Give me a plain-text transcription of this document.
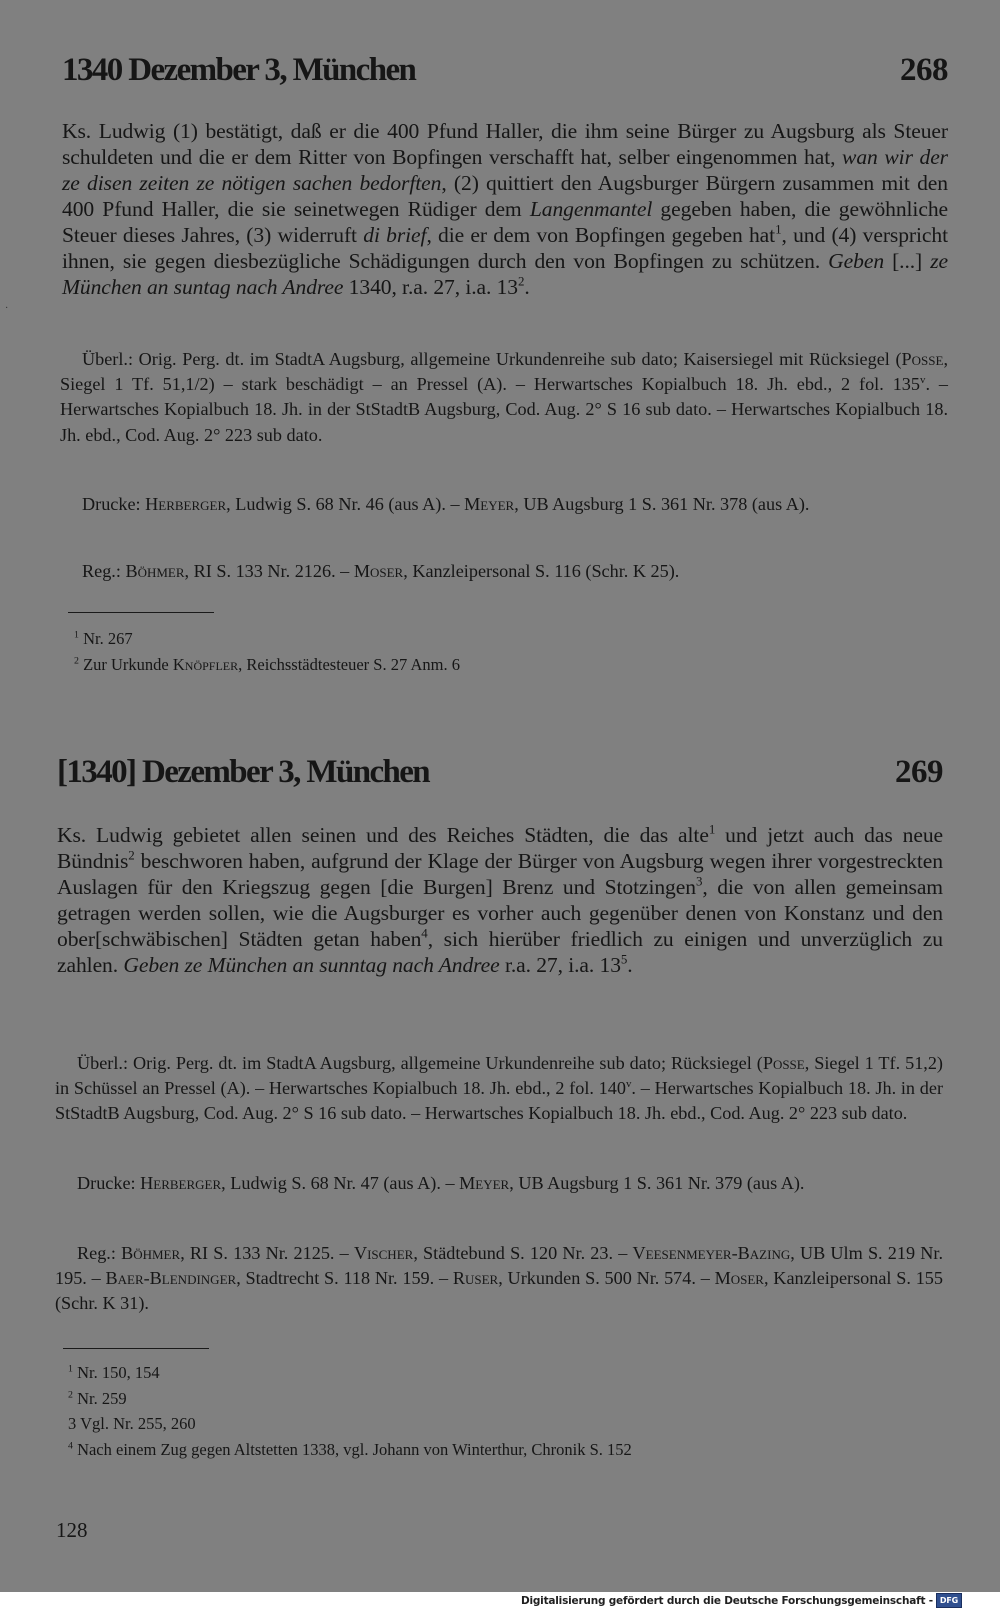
1340 Dezember 3, München	268
Ks. Ludwig (1) bestätigt, daß er die 400 Pfund Haller, die ihm seine Bürger zu Augsburg als Steuer schuldeten und die er dem Ritter von Bopfingen verschafft hat, selber eingenommen hat, wan wir der ze disen zeiten ze nötigen sachen bedorften, (2) quittiert den Augsburger Bürgern zusammen mit den 400 Pfund Haller, die sie seinetwegen Rüdiger dem Langenmantel gegeben haben, die gewöhnliche Steuer dieses Jahres, (3) widerruft di brief, die er dem von Bopfingen gegeben hat$^1$, und (4) verspricht ihnen, sie gegen diesbezügliche Schädigungen durch den von Bopfingen zu schützen. Geben [...] ze München an suntag nach Andree 1340, r.a. 27, i.a. $13^2$.
Überl.: Orig. Perg. dt. im StadtA Augsburg, allgemeine Urkundenreihe sub dato; Kaisersiegel mit Rücksiegel (Posse, Siegel 1 Tf. 51,1/2) – stark beschädigt – an Pressel (A). – Herwartsches Kopialbuch 18. Jh. ebd., 2 fol. 135$^v$. – Herwartsches Kopialbuch 18. Jh. in der StStadtB Augsburg, Cod. Aug. 2° S 16 sub dato. – Herwartsches Kopialbuch 18. Jh. ebd., Cod. Aug. 2° 223 sub dato.
Drucke: Herberger, Ludwig S. 68 Nr. 46 (aus A). – Meyer, UB Augsburg 1 S. 361 Nr. 378 (aus A).
Reg.: Böhmer, RI S. 133 Nr. 2126. – Moser, Kanzleipersonal S. 116 (Schr. K 25).
$^1$ Nr. 267
$^2$ Zur Urkunde Knöpfler, Reichsstädtesteuer S. 27 Anm. 6
[1340] Dezember 3, München	269
Ks. Ludwig gebietet allen seinen und des Reiches Städten, die das alte$^1$ und jetzt auch das neue Bündnis$^2$ beschworen haben, aufgrund der Klage der Bürger von Augsburg wegen ihrer vorgestreckten Auslagen für den Kriegszug gegen [die Burgen] Brenz und Stotzingen$^3$, die von allen gemeinsam getragen werden sollen, wie die Augsburger es vorher auch gegenüber denen von Konstanz und den ober[schwäbischen] Städten getan haben$^4$, sich hierüber friedlich zu einigen und unverzüglich zu zahlen. Geben ze München an sunntag nach Andree r.a. 27, i.a. $13^5$.
Überl.: Orig. Perg. dt. im StadtA Augsburg, allgemeine Urkundenreihe sub dato; Rücksiegel (Posse, Siegel 1 Tf. 51,2) in Schüssel an Pressel (A). – Herwartsches Kopialbuch 18. Jh. ebd., 2 fol. 140$^v$. – Herwartsches Kopialbuch 18. Jh. in der StStadtB Augsburg, Cod. Aug. 2° S 16 sub dato. – Herwartsches Kopialbuch 18. Jh. ebd., Cod. Aug. 2° 223 sub dato.
Drucke: Herberger, Ludwig S. 68 Nr. 47 (aus A). – Meyer, UB Augsburg 1 S. 361 Nr. 379 (aus A).
Reg.: Böhmer, RI S. 133 Nr. 2125. – Vischer, Städtebund S. 120 Nr. 23. – Veesenmeyer-Bazing, UB Ulm S. 219 Nr. 195. – Baer-Blendinger, Stadtrecht S. 118 Nr. 159. – Ruser, Urkunden S. 500 Nr. 574. – Moser, Kanzleipersonal S. 155 (Schr. K 31).
$^1$ Nr. 150, 154
$^2$ Nr. 259
3 Vgl. Nr. 255, 260
$^4$ Nach einem Zug gegen Altstetten 1338, vgl. Johann von Winterthur, Chronik S. 152
128
·
Digitalisierung gefördert durch die Deutsche Forschungsgemeinschaft - DFG
